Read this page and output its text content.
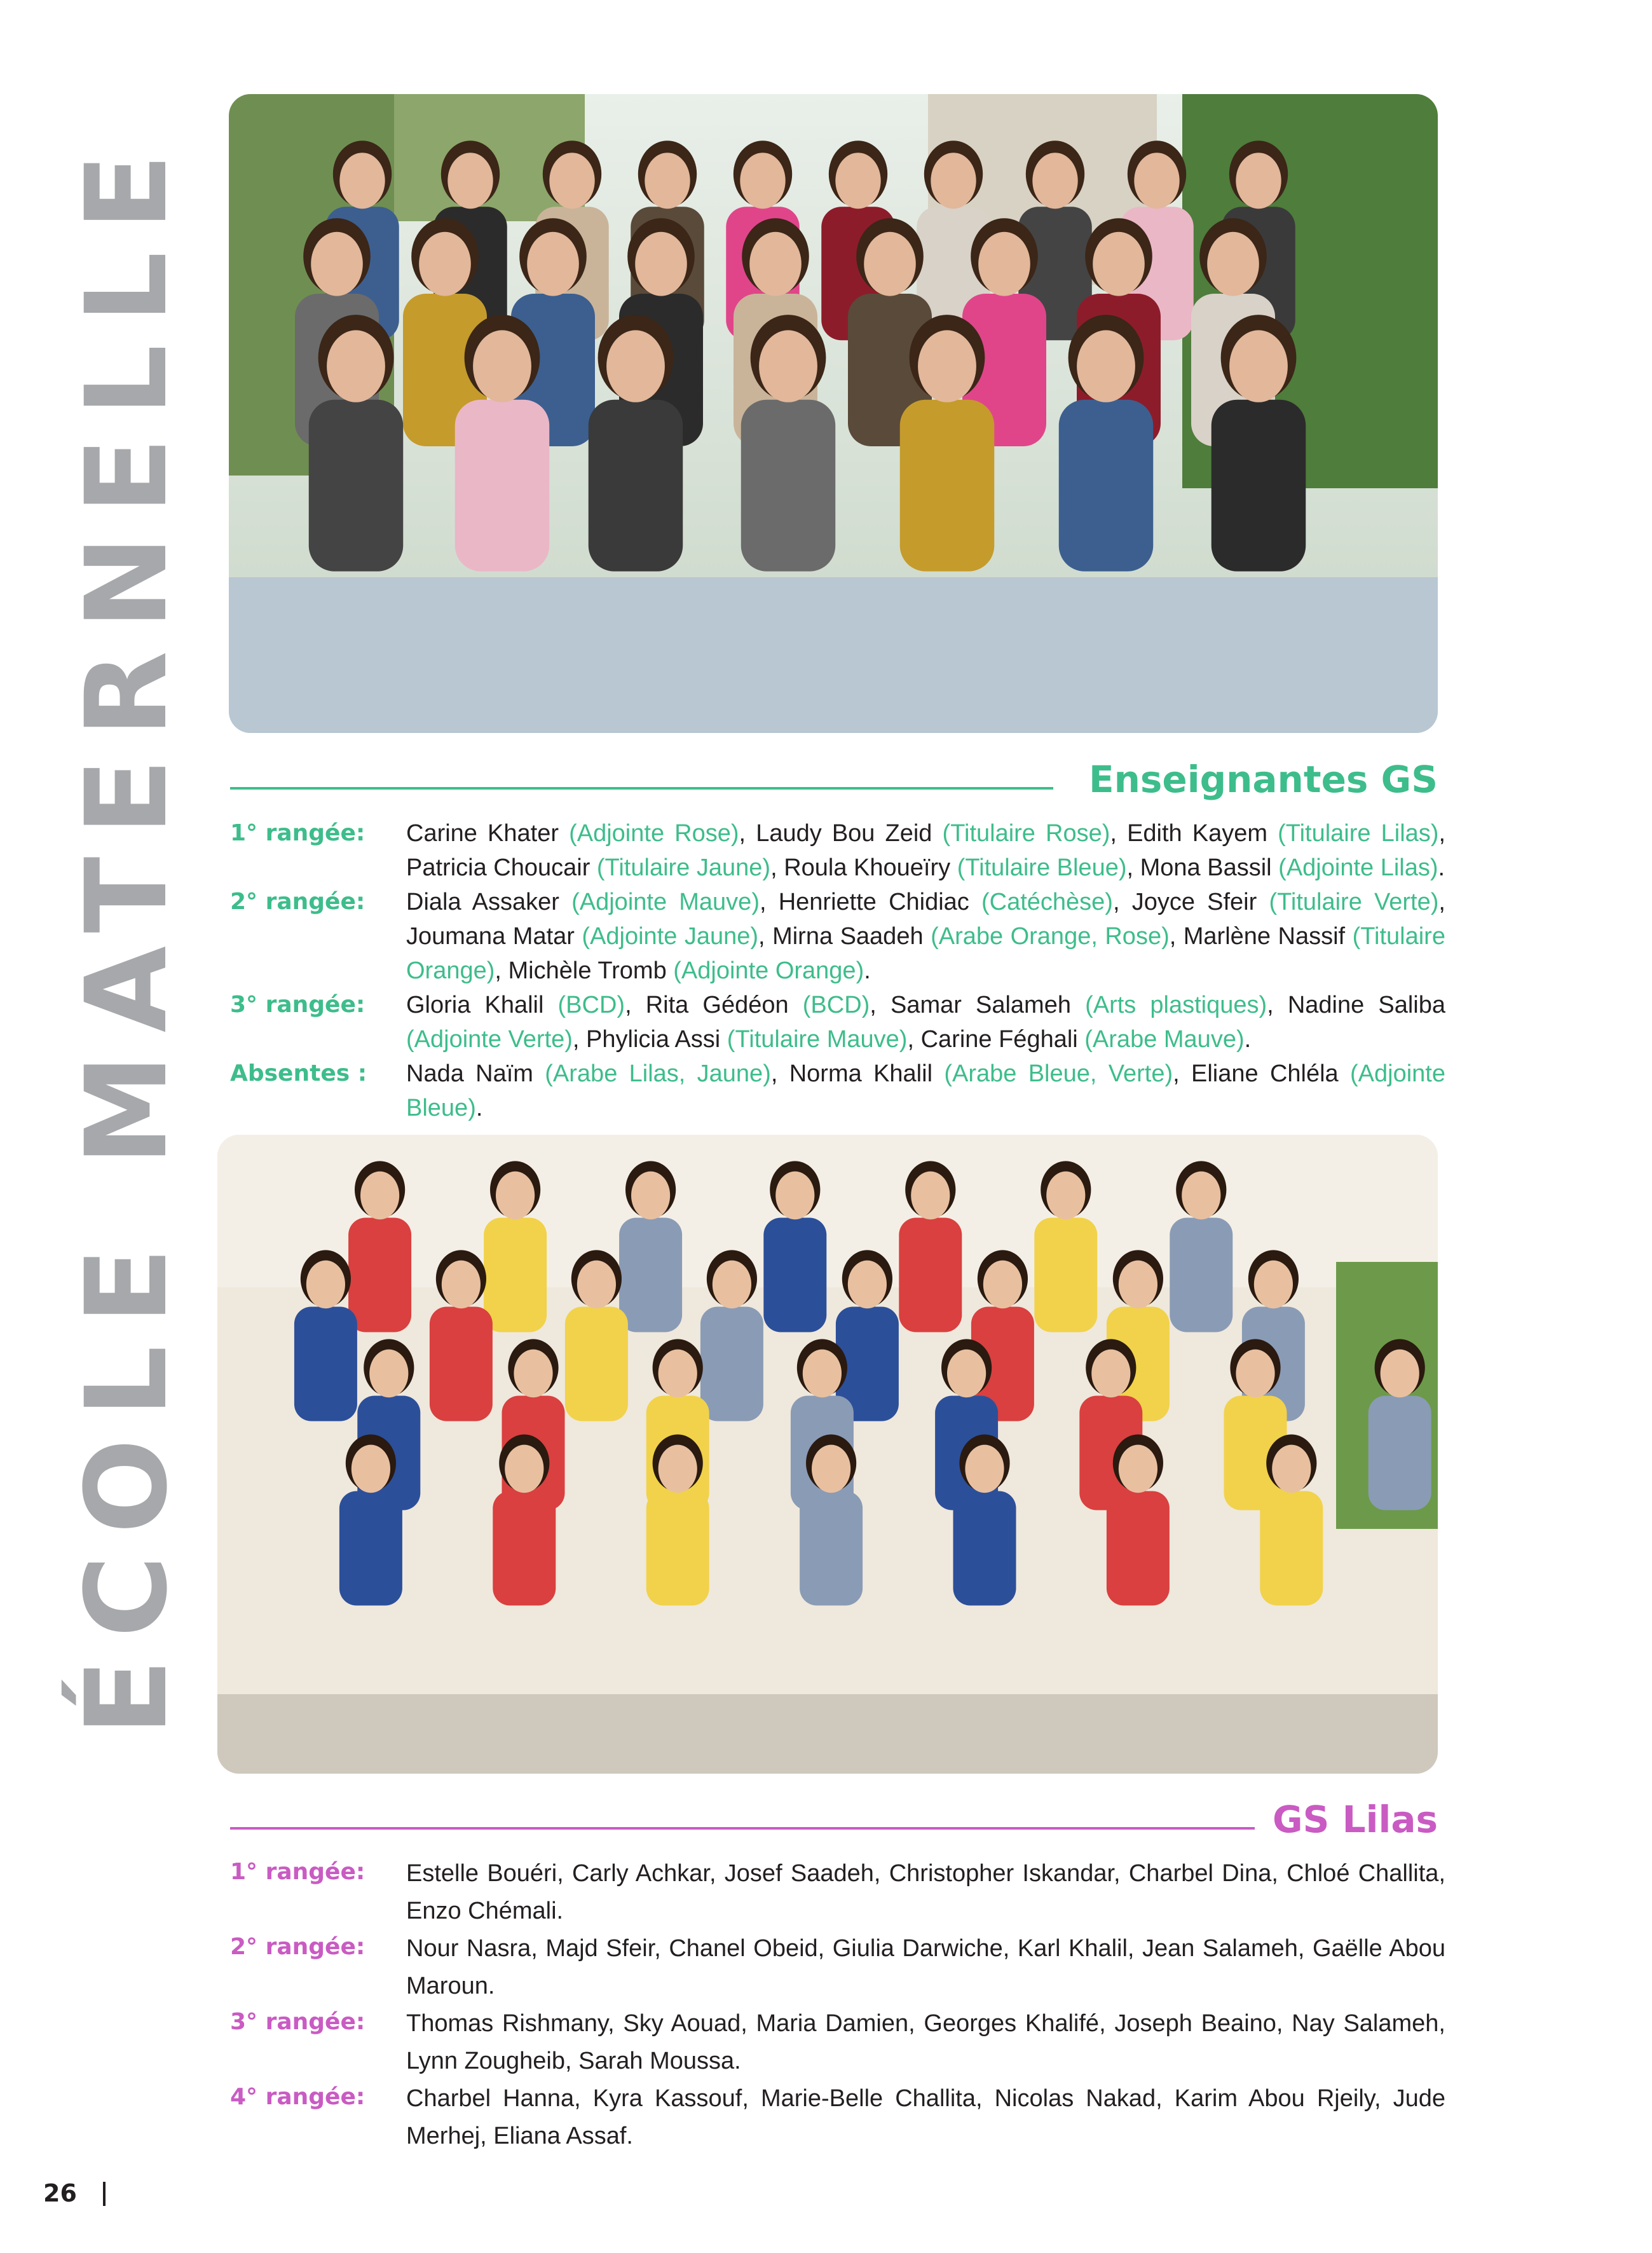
ÉCOLE MATERNELLE	Enseignantes GS
1° rangée:	Carine Khater (Adjointe Rose), Laudy Bou Zeid (Titulaire Rose), Edith Kayem (Titulaire Lilas), Patricia Choucair (Titulaire Jaune), Roula Khoueïry (Titulaire Bleue), Mona Bassil (Adjointe Lilas).
2° rangée:	Diala Assaker (Adjointe Mauve), Henriette Chidiac (Catéchèse), Joyce Sfeir (Titulaire Verte), Joumana Matar (Adjointe Jaune), Mirna Saadeh (Arabe Orange, Rose), Marlène Nassif (Titulaire Orange), Michèle Tromb (Adjointe Orange).
3° rangée:	Gloria Khalil (BCD), Rita Gédéon (BCD), Samar Salameh (Arts plastiques), Nadine Saliba (Adjointe Verte), Phylicia Assi (Titulaire Mauve), Carine Féghali (Arabe Mauve).
Absentes :	Nada Naïm (Arabe Lilas, Jaune), Norma Khalil (Arabe Bleue, Verte), Eliane Chléla (Adjointe Bleue).
GS Lilas
1° rangée:	Estelle Bouéri, Carly Achkar, Josef Saadeh, Christopher Iskandar, Charbel Dina, Chloé Challita, Enzo Chémali.
2° rangée:	Nour Nasra, Majd Sfeir, Chanel Obeid, Giulia Darwiche, Karl Khalil, Jean Salameh, Gaëlle Abou Maroun.
3° rangée:	Thomas Rishmany, Sky Aouad, Maria Damien, Georges Khalifé, Joseph Beaino, Nay Salameh, Lynn Zougheib, Sarah Moussa.
4° rangée:	Charbel Hanna, Kyra Kassouf, Marie-Belle Challita, Nicolas Nakad, Karim Abou Rjeily, Jude Merhej, Eliana Assaf.
26
